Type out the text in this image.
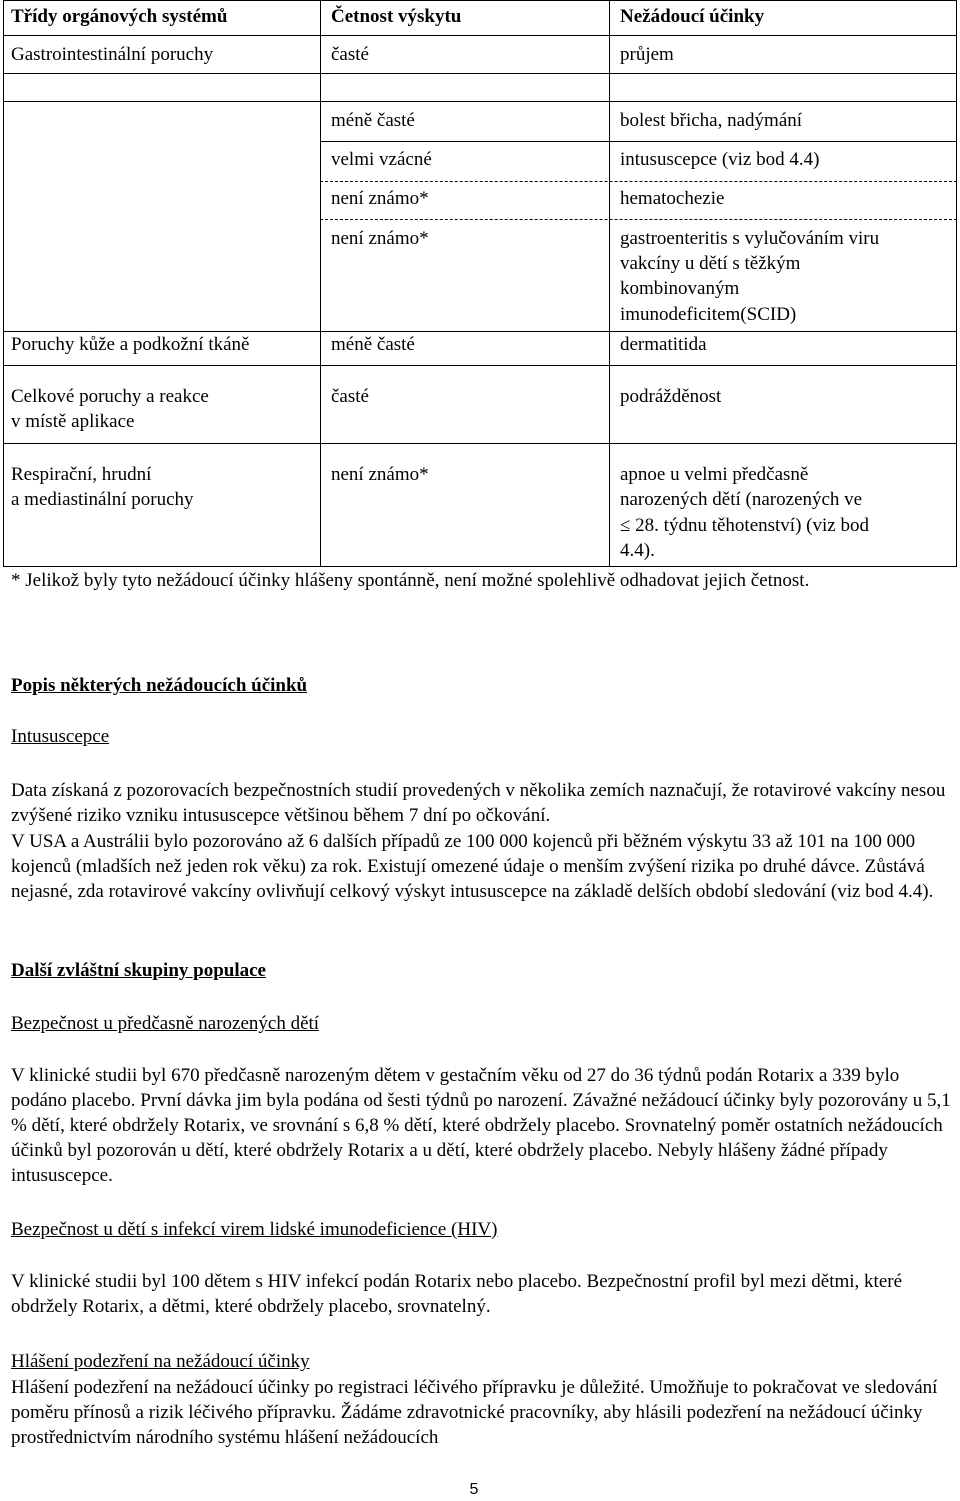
Třídy orgánových systémů	Četnost výskytu	Nežádoucí účinky
Gastrointestinální poruchy	časté	průjem
méně časté	bolest břicha, nadýmání
velmi vzácné	intususcepce (viz bod 4.4)
není známo*	hematochezie
není známo*	gastroenteritis s vylučováním viru
vakcíny u dětí s těžkým
kombinovaným
imunodeficitem(SCID)
Poruchy kůže a podkožní tkáně	méně časté	dermatitida
Celkové poruchy a reakce
v místě aplikace
časté	podrážděnost
Respirační, hrudní
a mediastinální poruchy
není známo*	apnoe u velmi předčasně
narozených dětí (narozených ve
≤ 28. týdnu těhotenství) (viz bod
4.4).
* Jelikož byly tyto nežádoucí účinky hlášeny spontánně, není možné spolehlivě odhadovat jejich četnost.
Popis některých nežádoucích účinků
Intususcepce
Data získaná z pozorovacích bezpečnostních studií provedených v několika zemích naznačují, že rotavirové vakcíny nesou zvýšené riziko vzniku intususcepce většinou během 7 dní po očkování.
V USA a Austrálii bylo pozorováno až 6 dalších případů ze 100 000 kojenců při běžném výskytu 33 až 101 na 100 000 kojenců (mladších než jeden rok věku) za rok. Existují omezené údaje o menším zvýšení rizika po druhé dávce. Zůstává nejasné, zda rotavirové vakcíny ovlivňují celkový výskyt intususcepce na základě delších období sledování (viz bod 4.4).
Další zvláštní skupiny populace
Bezpečnost u předčasně narozených dětí
V klinické studii byl 670 předčasně narozeným dětem v gestačním věku od 27 do 36 týdnů podán Rotarix a 339 bylo podáno placebo. První dávka jim byla podána od šesti týdnů po narození. Závažné nežádoucí účinky byly pozorovány u 5,1 % dětí, které obdržely Rotarix, ve srovnání s 6,8 % dětí, které obdržely placebo. Srovnatelný poměr ostatních nežádoucích účinků byl pozorován u dětí, které obdržely Rotarix a u dětí, které obdržely placebo. Nebyly hlášeny žádné případy intususcepce.
Bezpečnost u dětí s infekcí virem lidské imunodeficience (HIV)
V klinické studii byl 100 dětem s HIV infekcí podán Rotarix nebo placebo. Bezpečnostní profil byl mezi dětmi, které obdržely Rotarix, a dětmi, které obdržely placebo, srovnatelný.
Hlášení podezření na nežádoucí účinky
Hlášení podezření na nežádoucí účinky po registraci léčivého přípravku je důležité. Umožňuje to pokračovat ve sledování poměru přínosů a rizik léčivého přípravku. Žádáme zdravotnické pracovníky, aby hlásili podezření na nežádoucí účinky prostřednictvím národního systému hlášení nežádoucích
5
